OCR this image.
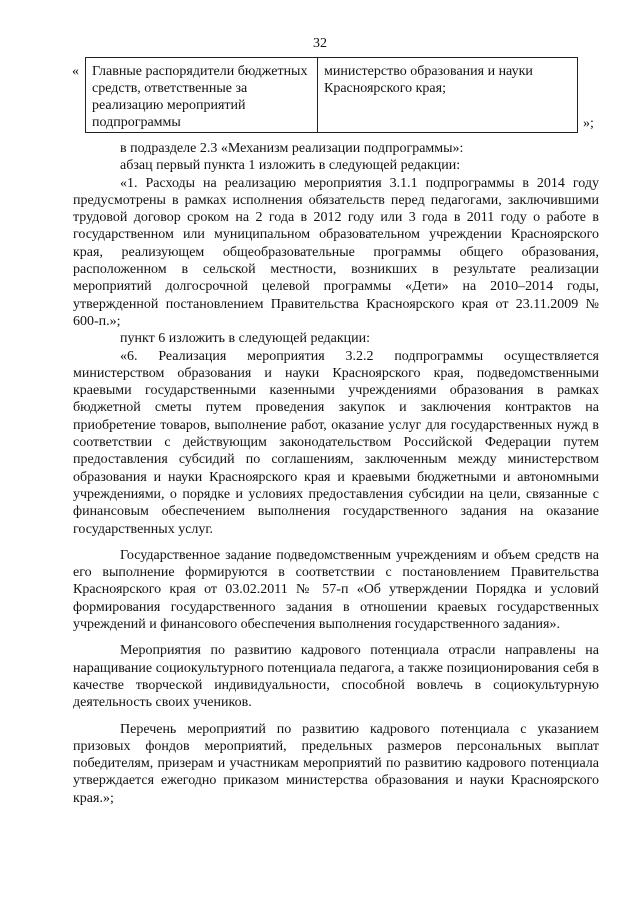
32
« Главные распорядители бюджетных средств, ответственные за реализацию мероприятий подпрограммы
министерство образования и науки Красноярского края;
»;

в подразделе 2.3 «Механизм реализации подпрограммы»:

абзац первый пункта 1 изложить в следующей редакции:

«1. Расходы на реализацию мероприятия 3.1.1 подпрограммы в 2014 году предусмотрены в рамках исполнения обязательств перед педагогами, заключившими трудовой договор сроком на 2 года в 2012 году или 3 года в 2011 году о работе в государственном или муниципальном образовательном учреждении Красноярского края, реализующем общеобразовательные программы общего образования, расположенном в сельской местности, возникших в результате реализации мероприятий долгосрочной целевой программы «Дети» на 2010–2014 годы, утвержденной постановлением Правительства Красноярского края от 23.11.2009 № 600-п.»;

пункт 6 изложить в следующей редакции:

«6. Реализация мероприятия 3.2.2 подпрограммы осуществляется министерством образования и науки Красноярского края, подведомственными краевыми государственными казенными учреждениями образования в рамках бюджетной сметы путем проведения закупок и заключения контрактов на приобретение товаров, выполнение работ, оказание услуг для государственных нужд в соответствии с действующим законодательством Российской Федерации путем предоставления субсидий по соглашениям, заключенным между министерством образования и науки Красноярского края и краевыми бюджетными и автономными учреждениями, о порядке и условиях предоставления субсидии на цели, связанные с финансовым обеспечением выполнения государственного задания на оказание государственных услуг.

Государственное задание подведомственным учреждениям и объем средств на его выполнение формируются в соответствии с постановлением Правительства Красноярского края от 03.02.2011 № 57-п «Об утверждении Порядка и условий формирования государственного задания в отношении краевых государственных учреждений и финансового обеспечения выполнения государственного задания».

Мероприятия по развитию кадрового потенциала отрасли направлены на наращивание социокультурного потенциала педагога, а также позиционирования себя в качестве творческой индивидуальности, способной вовлечь в социокультурную деятельность своих учеников.

Перечень мероприятий по развитию кадрового потенциала с указанием призовых фондов мероприятий, предельных размеров персональных выплат победителям, призерам и участникам мероприятий по развитию кадрового потенциала утверждается ежегодно приказом министерства образования и науки Красноярского края.»;
